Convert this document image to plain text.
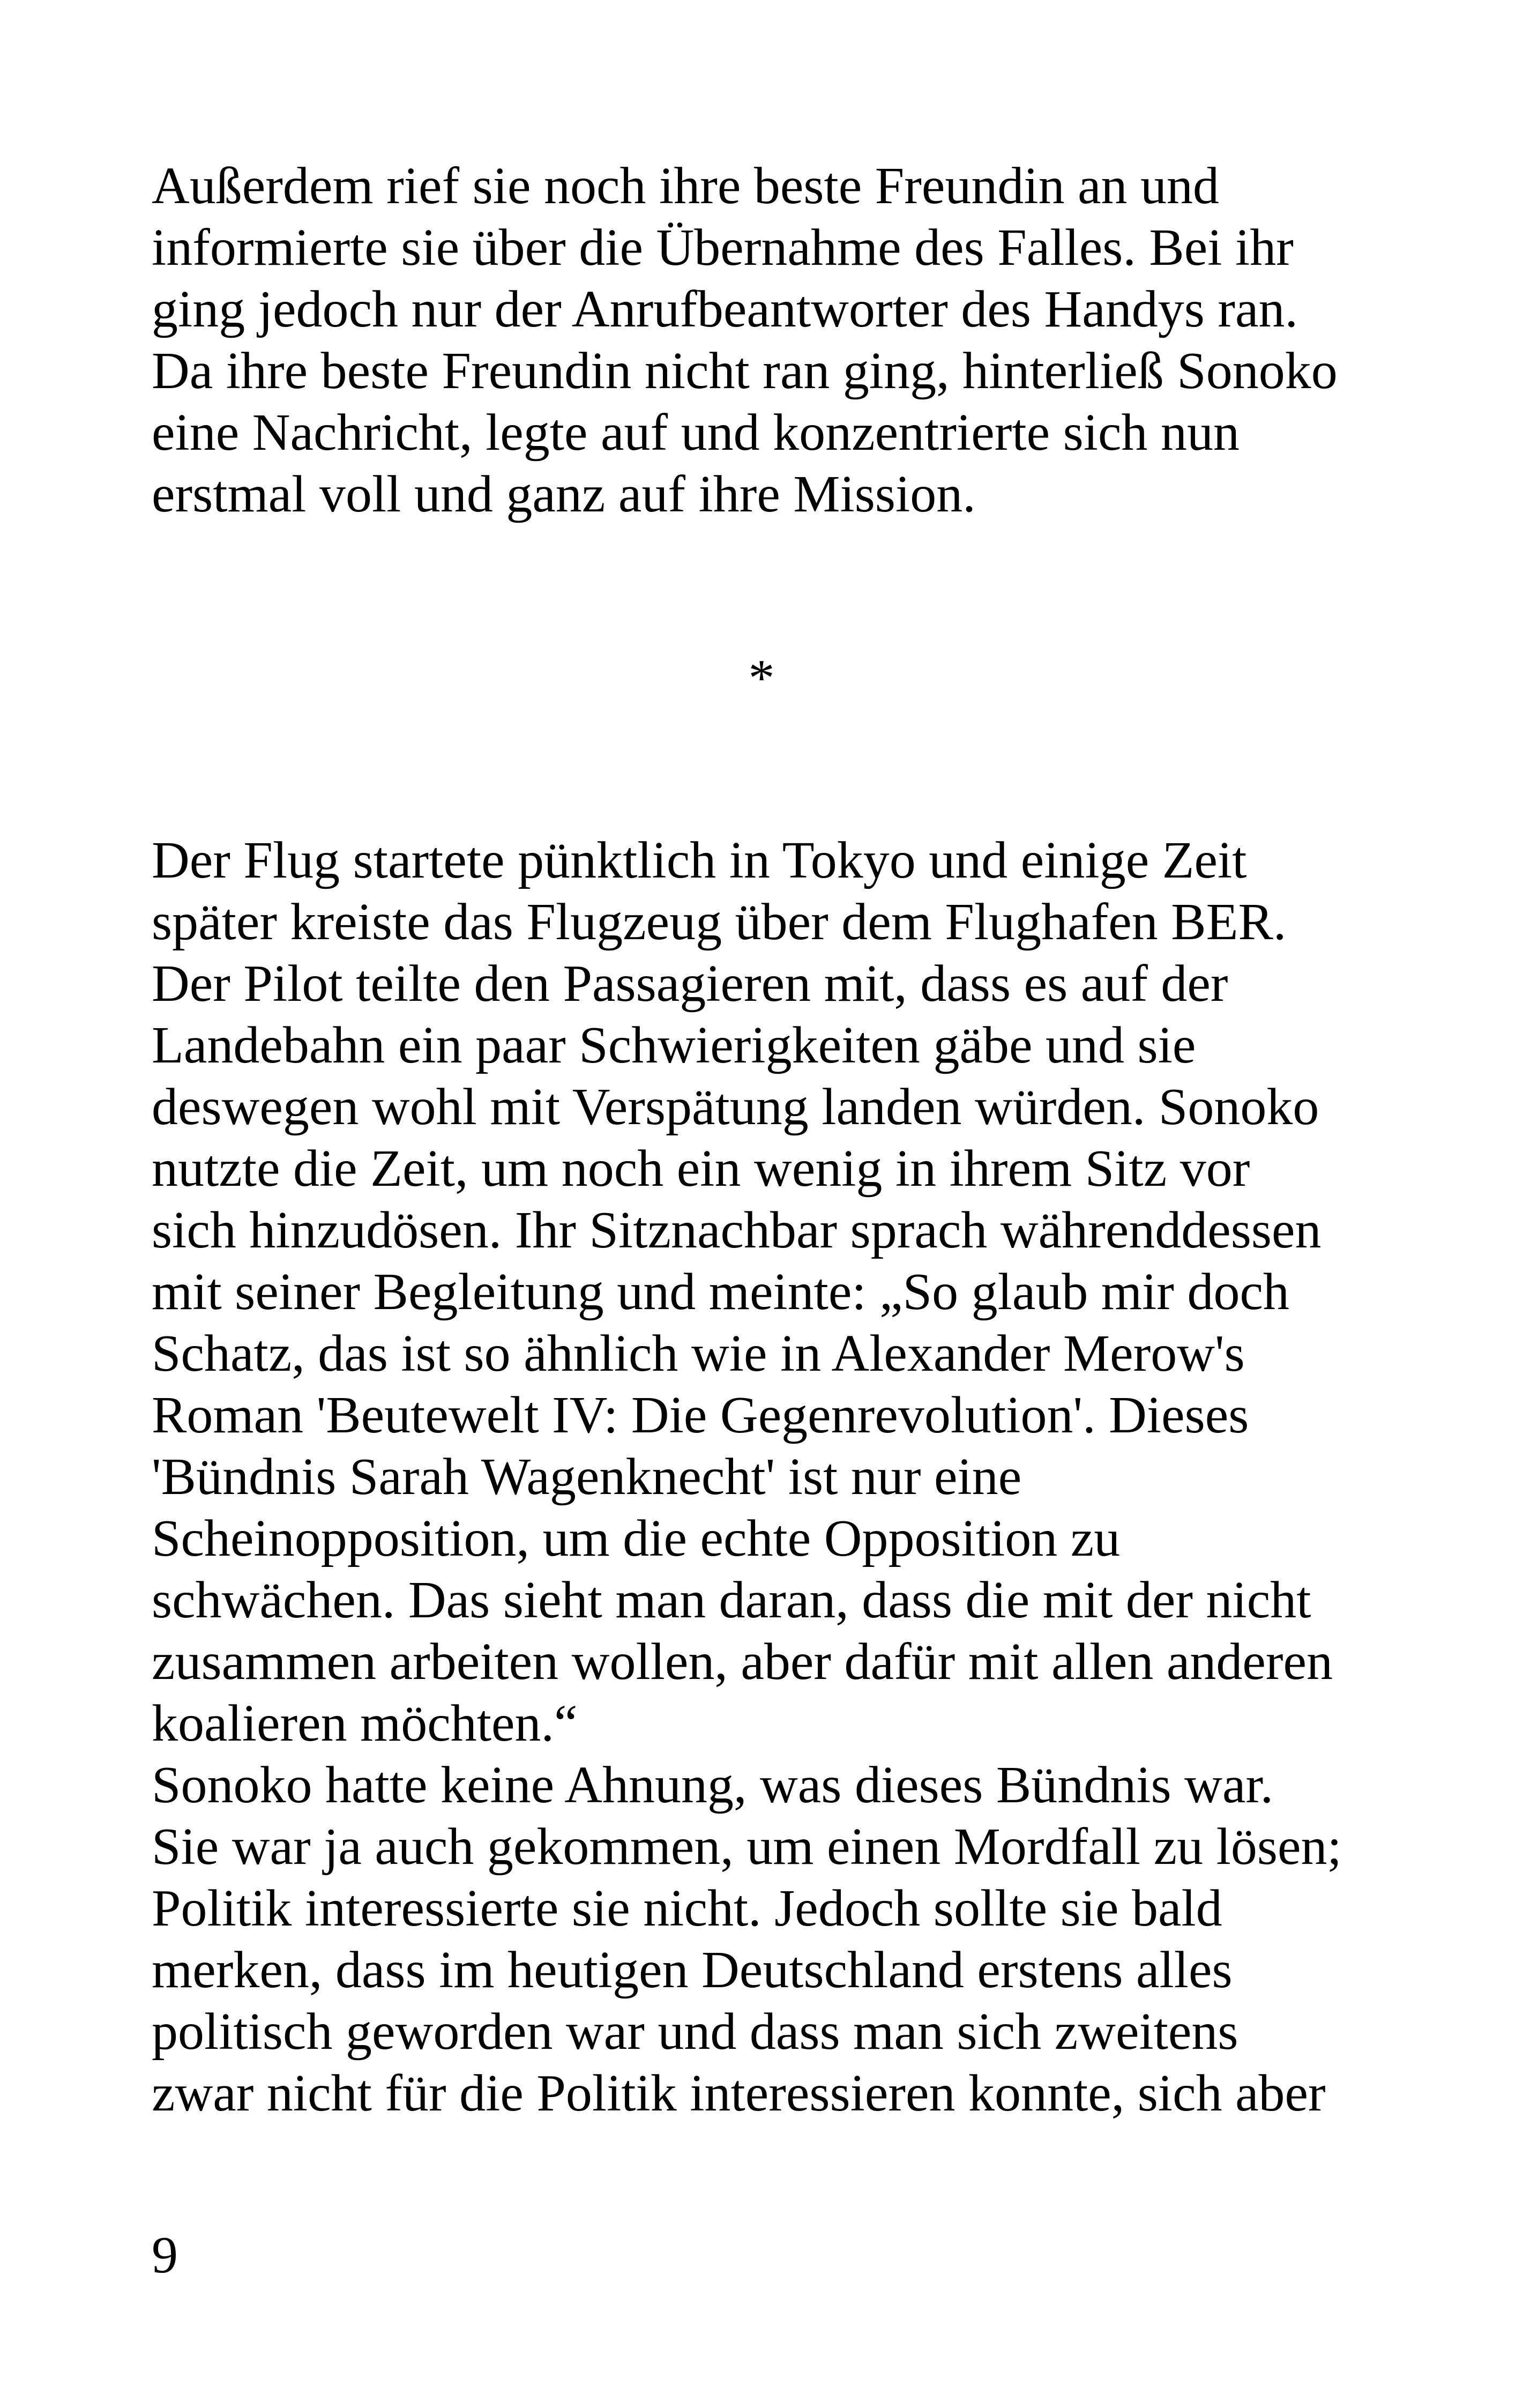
Außerdem rief sie noch ihre beste Freundin an und
informierte sie über die Übernahme des Falles. Bei ihr
ging jedoch nur der Anrufbeantworter des Handys ran.
Da ihre beste Freundin nicht ran ging, hinterließ Sonoko
eine Nachricht, legte auf und konzentrierte sich nun
erstmal voll und ganz auf ihre Mission.
*
Der Flug startete pünktlich in Tokyo und einige Zeit
später kreiste das Flugzeug über dem Flughafen BER.
Der Pilot teilte den Passagieren mit, dass es auf der
Landebahn ein paar Schwierigkeiten gäbe und sie
deswegen wohl mit Verspätung landen würden. Sonoko
nutzte die Zeit, um noch ein wenig in ihrem Sitz vor
sich hinzudösen. Ihr Sitznachbar sprach währenddessen
mit seiner Begleitung und meinte: „So glaub mir doch
Schatz, das ist so ähnlich wie in Alexander Merow's
Roman 'Beutewelt IV: Die Gegenrevolution'. Dieses
'Bündnis Sarah Wagenknecht' ist nur eine
Scheinopposition, um die echte Opposition zu
schwächen. Das sieht man daran, dass die mit der nicht
zusammen arbeiten wollen, aber dafür mit allen anderen
koalieren möchten.“
Sonoko hatte keine Ahnung, was dieses Bündnis war.
Sie war ja auch gekommen, um einen Mordfall zu lösen;
Politik interessierte sie nicht. Jedoch sollte sie bald
merken, dass im heutigen Deutschland erstens alles
politisch geworden war und dass man sich zweitens
zwar nicht für die Politik interessieren konnte, sich aber
9
